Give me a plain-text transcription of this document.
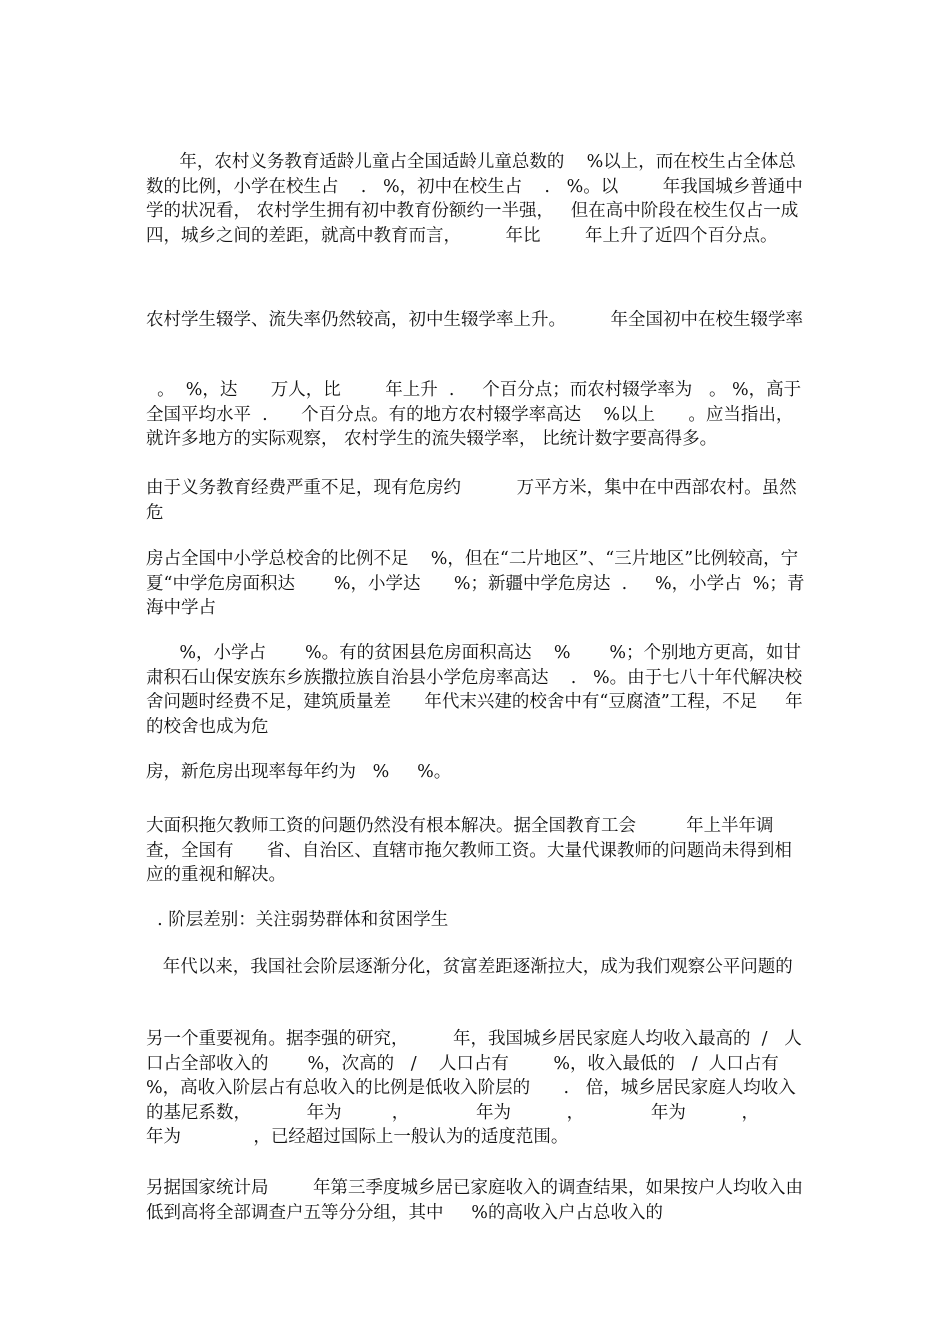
年，农村义务教育适龄儿童占全国适龄儿童总数的    %以上，而在校生占全体总数的比例，小学在校生占    .   %，初中在校生占    .   %。以        年我国城乡普通中学的状况看， 农村学生拥有初中教育份额约一半强，   但在高中阶段在校生仅占一成四，城乡之间的差距，就高中教育而言，        年比        年上升了近四个百分点。

农村学生辍学、流失率仍然较高，初中生辍学率上升。        年全国初中在校生辍学率

。  %，达      万人，比        年上升  .     个百分点；而农村辍学率为   。 %，高于全国平均水平  .      个百分点。有的地方农村辍学率高达    %以上      。应当指出，就许多地方的实际观察， 农村学生的流失辍学率， 比统计数字要高得多。

由于义务教育经费严重不足，现有危房约          万平方米，集中在中西部农村。虽然危

房占全国中小学总校舍的比例不足    %，但在“二片地区”、“三片地区”比例较高，宁夏“中学危房面积达       %，小学达      %；新疆中学危房达  .     %，小学占  %；青海中学占

%，小学占       %。有的贫困县危房面积高达    %       %；个别地方更高，如甘肃积石山保安族东乡族撒拉族自治县小学危房率高达    .   %。由于七八十年代解决校舍问题时经费不足，建筑质量差      年代末兴建的校舍中有“豆腐渣”工程，不足     年的校舍也成为危

房，新危房出现率每年约为   %     %。

大面积拖欠教师工资的问题仍然没有根本解决。据全国教育工会         年上半年调查，全国有      省、自治区、直辖市拖欠教师工资。大量代课教师的问题尚未得到相应的重视和解决。

. 阶层差别：关注弱势群体和贫困学生

年代以来，我国社会阶层逐渐分化，贫富差距逐渐拉大，成为我们观察公平问题的

另一个重要视角。据李强的研究，        年，我国城乡居民家庭人均收入最高的  /   人口占全部收入的       %，次高的   /    人口占有        %，收入最低的   /  人口占有       %，高收入阶层占有总收入的比例是低收入阶层的      .   倍，城乡居民家庭人均收入的基尼系数，          年为         ，            年为          ，            年为          ，           年为             ，已经超过国际上一般认为的适度范围。

另据国家统计局        年第三季度城乡居已家庭收入的调查结果，如果按户人均收入由低到高将全部调查户五等分分组，其中     %的高收入户占总收入的
